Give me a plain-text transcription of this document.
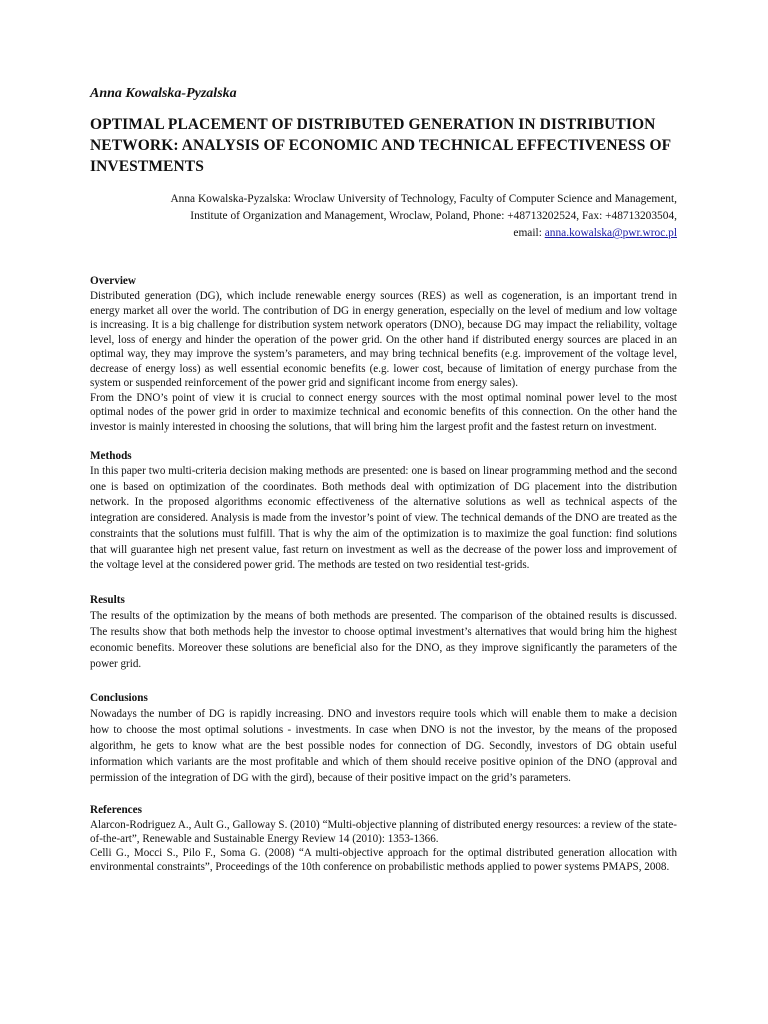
Anna Kowalska-Pyzalska

OPTIMAL PLACEMENT OF DISTRIBUTED GENERATION IN DISTRIBUTION NETWORK: ANALYSIS OF ECONOMIC AND TECHNICAL EFFECTIVENESS OF INVESTMENTS

Anna Kowalska-Pyzalska: Wroclaw University of Technology, Faculty of Computer Science and Management,

Institute of Organization and Management, Wroclaw, Poland, Phone: +48713202524, Fax: +48713203504,

email: anna.kowalska@pwr.wroc.pl

Overview

Distributed generation (DG), which include renewable energy sources (RES) as well as cogeneration, is an important trend in energy market all over the world. The contribution of DG in energy generation, especially on the level of medium and low voltage is increasing. It is a big challenge for distribution system network operators (DNO), because DG may impact the reliability, voltage level, loss of energy and hinder the operation of the power grid. On the other hand if distributed energy sources are placed in an optimal way, they may improve the system’s parameters, and may bring technical benefits (e.g. improvement of the voltage level, decrease of energy loss) as well essential economic benefits (e.g. lower cost, because of limitation of energy purchase from the system or suspended reinforcement of the power grid and significant income from energy sales).

From the DNO’s point of view it is crucial to connect energy sources with the most optimal nominal power level to the most optimal nodes of the power grid in order to maximize technical and economic benefits of this connection. On the other hand the investor is mainly interested in choosing the solutions, that will bring him the largest profit and the fastest return on investment.

Methods

In this paper two multi-criteria decision making methods are presented: one is based on linear programming method and the second one is based on optimization of the coordinates. Both methods deal with optimization of DG placement into the distribution network. In the proposed algorithms economic effectiveness of the alternative solutions as well as technical aspects of the integration are considered. Analysis is made from the investor’s point of view. The technical demands of the DNO are treated as the constraints that the solutions must fulfill. That is why the aim of the optimization is to maximize the goal function: find solutions that will guarantee high net present value, fast return on investment as well as the decrease of the power loss and improvement of the voltage level at the considered power grid. The methods are tested on two residential test-grids.

Results

The results of the optimization by the means of both methods are presented. The comparison of the obtained results is discussed. The results show that both methods help the investor to choose optimal investment’s alternatives that would bring him the highest economic benefits. Moreover these solutions are beneficial also for the DNO, as they improve significantly the parameters of the power grid.

Conclusions

Nowadays the number of DG is rapidly increasing. DNO and investors require tools which will enable them to make a decision how to choose the most optimal solutions - investments. In case when DNO is not the investor, by the means of the proposed algorithm, he gets to know what are the best possible nodes for connection of DG. Secondly, investors of DG obtain useful information which variants are the most profitable and which of them should receive positive opinion of the DNO (approval and permission of the integration of DG with the gird), because of their positive impact on the grid’s parameters.

References

Alarcon-Rodriguez A., Ault G., Galloway S. (2010) “Multi-objective planning of distributed energy resources: a review of the state-of-the-art”, Renewable and Sustainable Energy Review 14 (2010): 1353-1366.

Celli G., Mocci S., Pilo F., Soma G. (2008) “A multi-objective approach for the optimal distributed generation allocation with environmental constraints”, Proceedings of the 10th conference on probabilistic methods applied to power systems PMAPS, 2008.
